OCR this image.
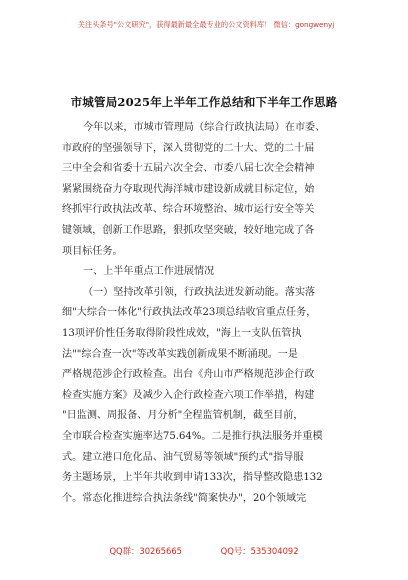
关注头条号"公文研究"，获得最新最全最专业的公文资料库！ 微信：gongwenyj
市城管局2025年上半年工作总结和下半年工作思路
今年以来，市城市管理局（综合行政执法局）在市委、
市政府的坚强领导下，深入贯彻党的二十大、党的二十届
三中全会和省委十五届六次全会、市委八届七次全会精神
紧紧围绕奋力夺取现代海洋城市建设新成就目标定位，始
终抓牢行政执法改革、综合环境整治、城市运行安全等关
键领域，创新工作思路，狠抓攻坚突破，较好地完成了各
项目标任务。
一、上半年重点工作进展情况
（一）坚持改革引领，行政执法迸发新动能。落实落
细"大综合一体化"行政执法改革23项总结收官重点任务，
13项评价性任务取得阶段性成效，"海上一支队伍管执
法""综合查一次"等改革实践创新成果不断涌现。一是
严格规范涉企行政检查。出台《舟山市严格规范涉企行政
检查实施方案》及减少入企行政检查六项工作举措，构建
"日监测、周报备、月分析"全程监管机制，截至目前，
全市联合检查实施率达75.64%。二是推行执法服务并重模
式。建立港口危化品、油气贸易等领域"预约式"指导服
务主题场景，上半年共收到申请133次，指导整改隐患132
个。常态化推进综合执法条线"简案快办"，20个领域完
QQ群：30265665	QQ号：535304092
